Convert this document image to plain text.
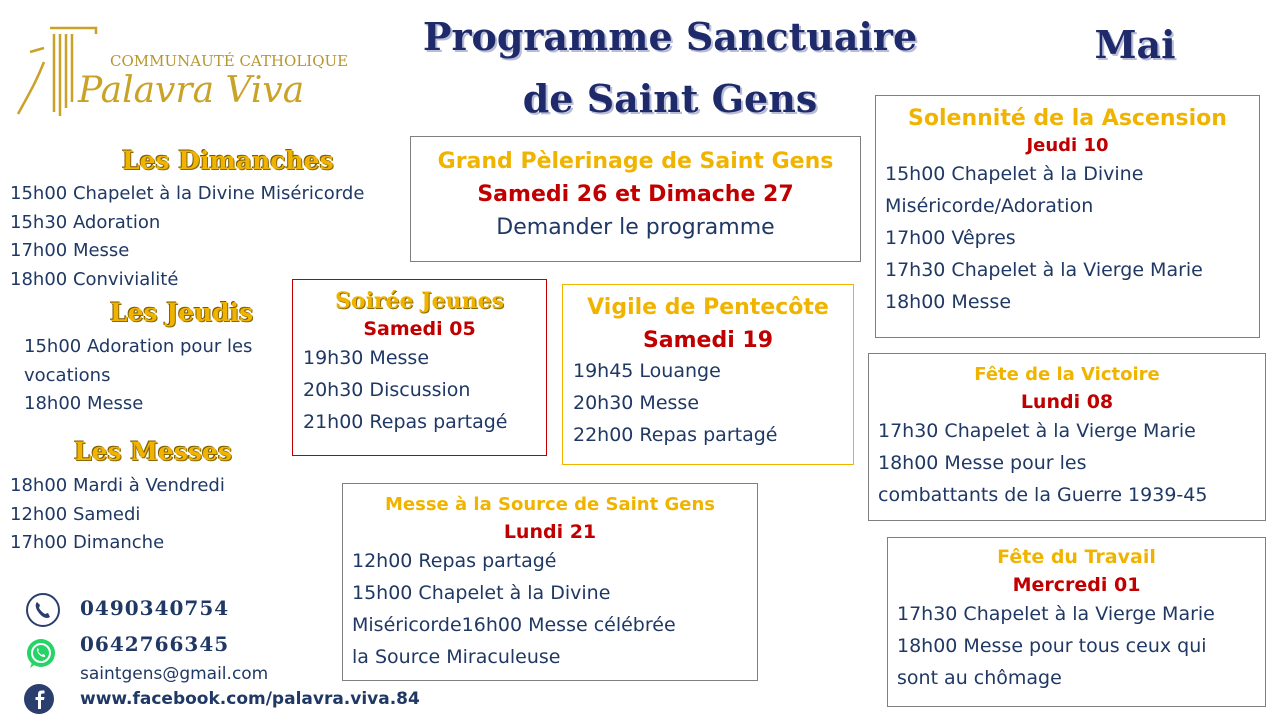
COMMUNAUTÉ CATHOLIQUE
Palavra Viva
Programme Sanctuaire
de Saint Gens
Mai
Les Dimanches
15h00 Chapelet à la Divine Miséricorde
15h30 Adoration
17h00 Messe
18h00 Convivialité
Les Jeudis
15h00 Adoration pour les
vocations
18h00 Messe
Les Messes
18h00 Mardi à Vendredi
12h00 Samedi
17h00 Dimanche
0490340754
0642766345
saintgens@gmail.com
www.facebook.com/palavra.viva.84
Grand Pèlerinage de Saint Gens
Samedi 26 et Dimache 27
Demander le programme
Soirée Jeunes
Samedi 05
19h30 Messe
20h30 Discussion
21h00 Repas partagé
Vigile de Pentecôte
Samedi 19
19h45 Louange
20h30 Messe
22h00 Repas partagé
Messe à la Source de Saint Gens
Lundi 21
12h00 Repas partagé
15h00 Chapelet à la Divine
Miséricorde16h00 Messe célébrée
la Source Miraculeuse
Solennité de la Ascension
Jeudi 10
15h00 Chapelet à la Divine
Miséricorde/Adoration
17h00 Vêpres
17h30 Chapelet à la Vierge Marie
18h00 Messe
Fête de la Victoire
Lundi 08
17h30 Chapelet à la Vierge Marie
18h00 Messe pour les
combattants de la Guerre 1939-45
Fête du Travail
Mercredi 01
17h30 Chapelet à la Vierge Marie
18h00 Messe pour tous ceux qui
sont au chômage
